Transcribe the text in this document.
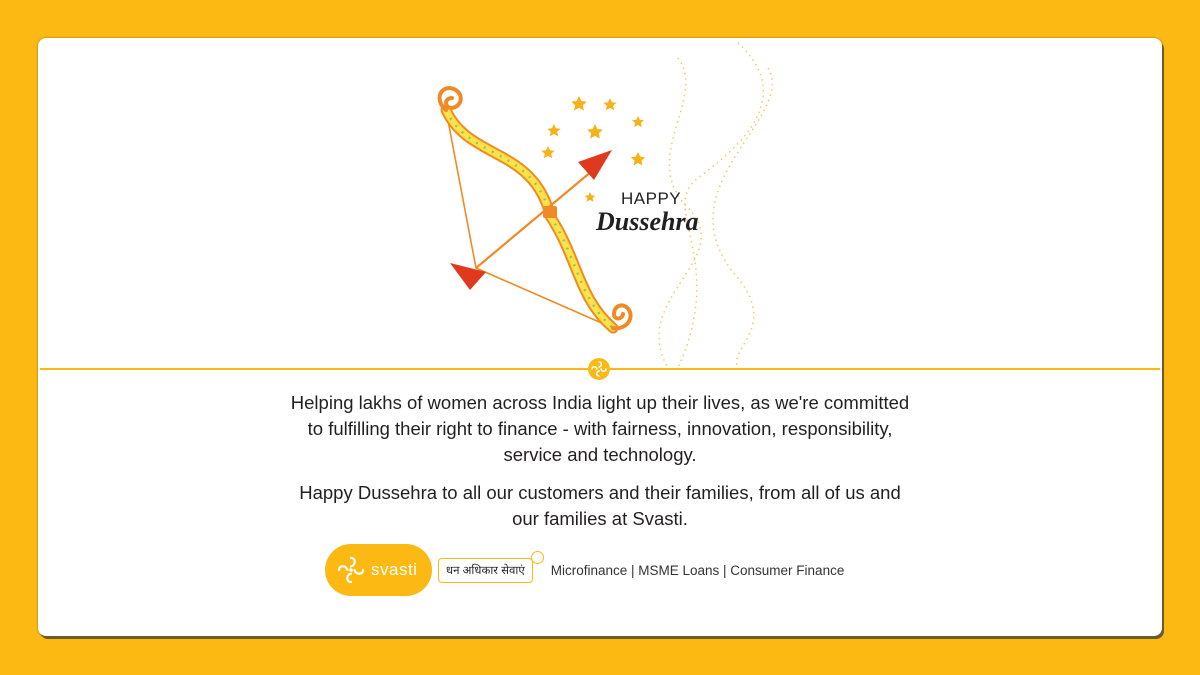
HAPPY
Dussehra

Helping lakhs of women across India light up their lives, as we're committed to fulfilling their right to finance - with fairness, innovation, responsibility, service and technology.

Happy Dussehra to all our customers and their families, from all of us and our families at Svasti.

svasti	धन अधिकार सेवाएं	Microfinance | MSME Loans | Consumer Finance
